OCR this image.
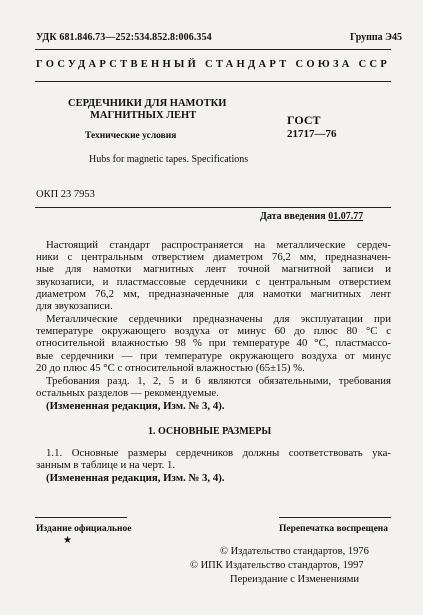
УДК 681.846.73—252:534.852.8:006.354	Группа Э45
ГОСУДАРСТВЕННЫЙ СТАНДАРТ СОЮЗА ССР
СЕРДЕЧНИКИ ДЛЯ НАМОТКИ
МАГНИТНЫХ ЛЕНТ	ГОСТ
21717—76
Технические условия
Hubs for magnetic tapes. Specifications
ОКП 23 7953
Дата введения 01.07.77
Настоящий стандарт распространяется на металлические сердеч-
ники с центральным отверстием диаметром 76,2 мм, предназначен-
ные для намотки магнитных лент точной магнитной записи и
звукозаписи, и пластмассовые сердечники с центральным отверстием
диаметром 76,2 мм, предназначенные для намотки магнитных лент
для звукозаписи.
Металлические сердечники предназначены для эксплуатации при
температуре окружающего воздуха от минус 60 до плюс 80 °С с
относительной влажностью 98 % при температуре 40 °С, пластмассо-
вые сердечники — при температуре окружающего воздуха от минус
20 до плюс 45 °С с относительной влажностью (65±15) %.
Требования разд. 1, 2, 5 и 6 являются обязательными, требования
остальных разделов — рекомендуемые.
(Измененная редакция, Изм. № 3, 4).
1. ОСНОВНЫЕ РАЗМЕРЫ
1.1. Основные размеры сердечников должны соответствовать ука-
занным в таблице и на черт. 1.
(Измененная редакция, Изм. № 3, 4).
Издание официальное
★
Перепечатка воспрещена
© Издательство стандартов, 1976
© ИПК Издательство стандартов, 1997
Переиздание с Изменениями
